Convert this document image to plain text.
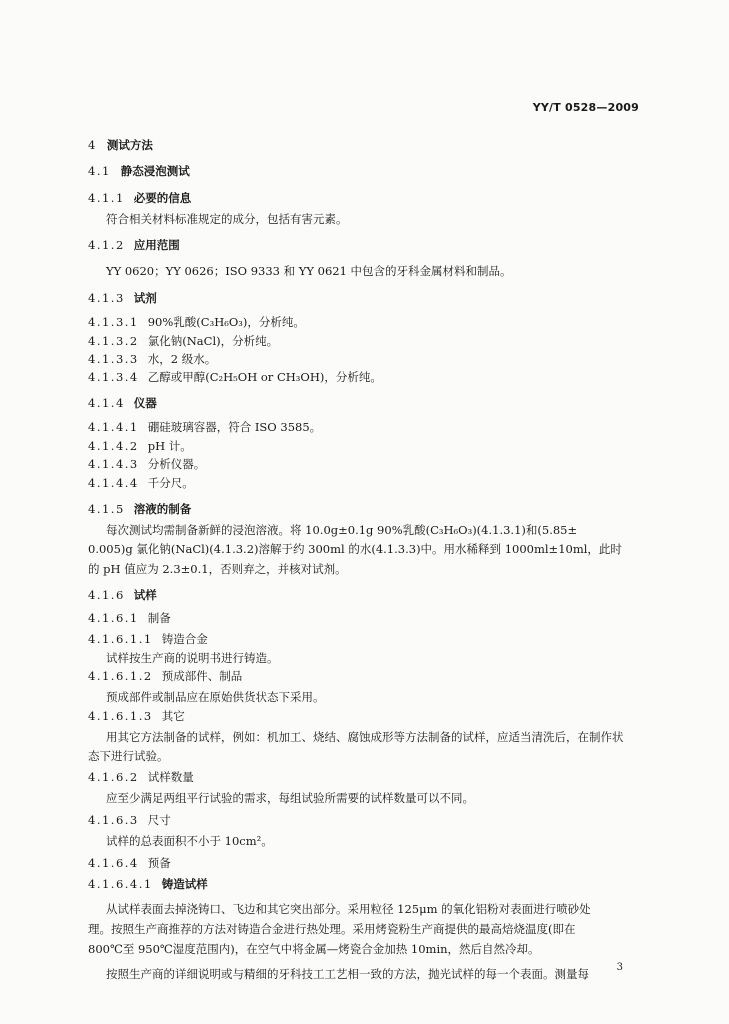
YY/T 0528—2009
4 测试方法
4.1 静态浸泡测试
4.1.1 必要的信息
符合相关材料标准规定的成分，包括有害元素。
4.1.2 应用范围
YY 0620；YY 0626；ISO 9333 和 YY 0621 中包含的牙科金属材料和制品。
4.1.3 试剂
4.1.3.1 90%乳酸(C₃H₆O₃)，分析纯。
4.1.3.2 氯化钠(NaCl)，分析纯。
4.1.3.3 水，2 级水。
4.1.3.4 乙醇或甲醇(C₂H₅OH or CH₃OH)，分析纯。
4.1.4 仪器
4.1.4.1 硼硅玻璃容器，符合 ISO 3585。
4.1.4.2 pH 计。
4.1.4.3 分析仪器。
4.1.4.4 千分尺。
4.1.5 溶液的制备
每次测试均需制备新鲜的浸泡溶液。将 10.0g±0.1g 90%乳酸(C₃H₆O₃)(4.1.3.1)和(5.85±
0.005)g 氯化钠(NaCl)(4.1.3.2)溶解于约 300ml 的水(4.1.3.3)中。用水稀释到 1000ml±10ml，此时
的 pH 值应为 2.3±0.1，否则弃之，并核对试剂。
4.1.6 试样
4.1.6.1 制备
4.1.6.1.1 铸造合金
试样按生产商的说明书进行铸造。
4.1.6.1.2 预成部件、制品
预成部件或制品应在原始供货状态下采用。
4.1.6.1.3 其它
用其它方法制备的试样，例如：机加工、烧结、腐蚀成形等方法制备的试样，应适当清洗后，在制作状
态下进行试验。
4.1.6.2 试样数量
应至少满足两组平行试验的需求，每组试验所需要的试样数量可以不同。
4.1.6.3 尺寸
试样的总表面积不小于 10cm²。
4.1.6.4 预备
4.1.6.4.1 铸造试样
从试样表面去掉浇铸口、飞边和其它突出部分。采用粒径 125μm 的氧化铝粉对表面进行喷砂处
理。按照生产商推荐的方法对铸造合金进行热处理。采用烤瓷粉生产商提供的最高焙烧温度(即在
800℃至 950℃湿度范围内)，在空气中将金属—烤瓷合金加热 10min，然后自然冷却。
按照生产商的详细说明或与精细的牙科技工工艺相一致的方法，抛光试样的每一个表面。测量每	3
